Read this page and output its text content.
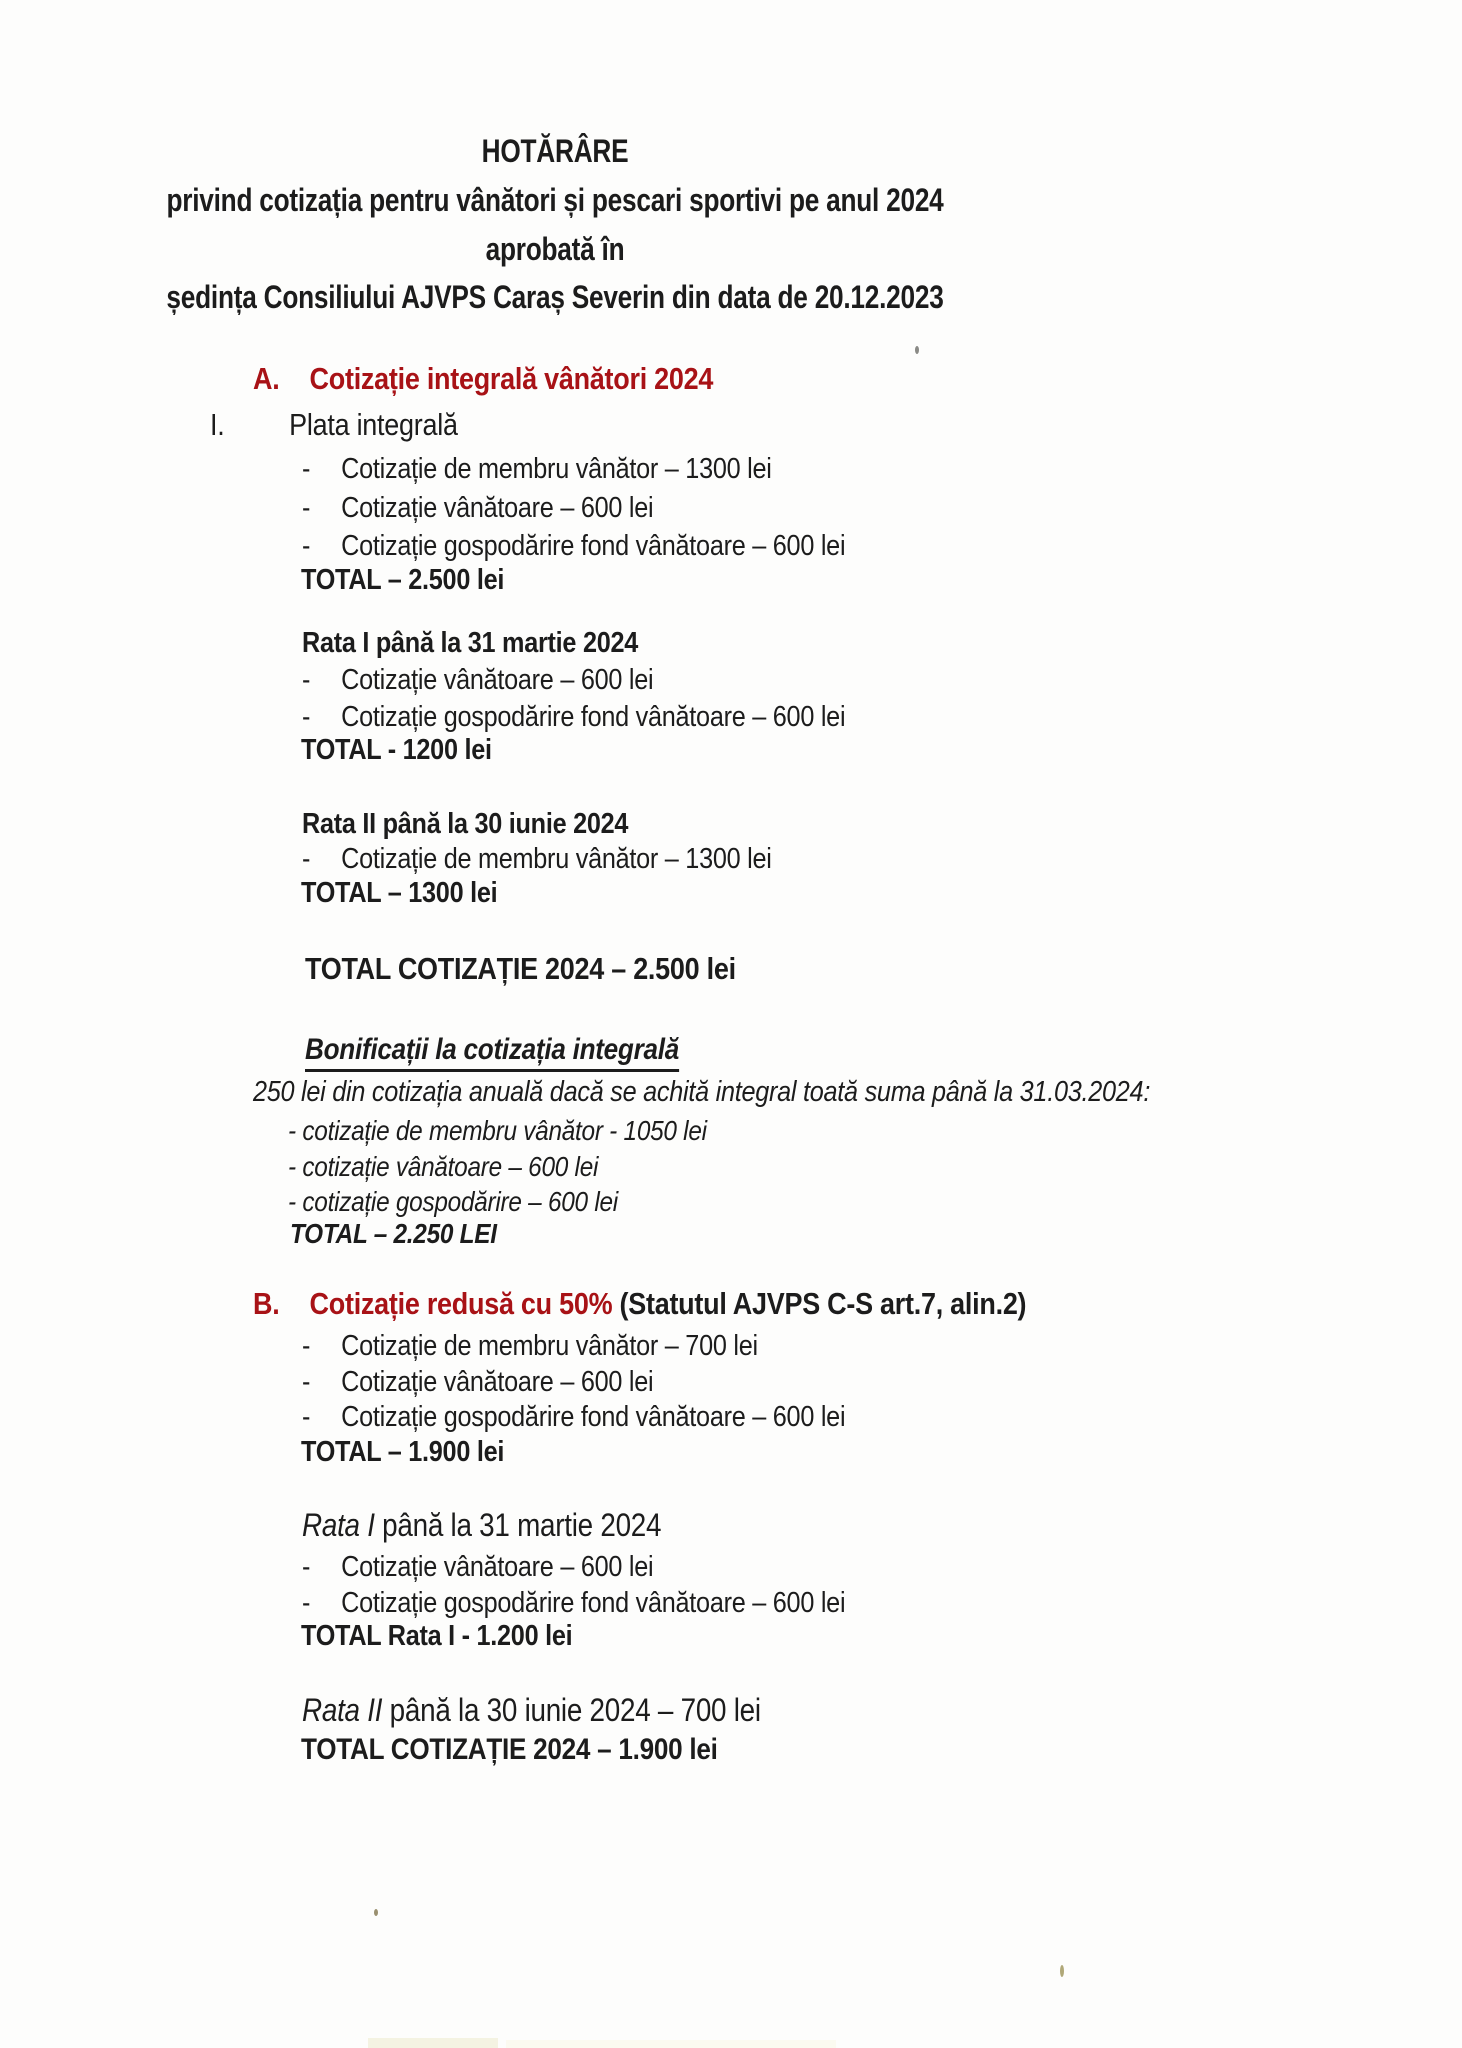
HOTĂRÂRE
privind cotizația pentru vânători și pescari sportivi pe anul 2024
aprobată în
ședința Consiliului AJVPS Caraș Severin din data de 20.12.2023
A. Cotizație integrală vânători 2024
I. Plata integrală
- Cotizație de membru vânător – 1300 lei
- Cotizație vânătoare – 600 lei
- Cotizație gospodărire fond vânătoare – 600 lei
TOTAL – 2.500 lei
Rata I până la 31 martie 2024
- Cotizație vânătoare – 600 lei
- Cotizație gospodărire fond vânătoare – 600 lei
TOTAL - 1200 lei
Rata II până la 30 iunie 2024
- Cotizație de membru vânător – 1300 lei
TOTAL – 1300 lei
TOTAL COTIZAȚIE 2024 – 2.500 lei
Bonificații la cotizația integrală
250 lei din cotizația anuală dacă se achită integral toată suma până la 31.03.2024:
- cotizație de membru vânător - 1050 lei
- cotizație vânătoare – 600 lei
- cotizație gospodărire – 600 lei
TOTAL – 2.250 LEI
B. Cotizație redusă cu 50% (Statutul AJVPS C-S art.7, alin.2)
- Cotizație de membru vânător – 700 lei
- Cotizație vânătoare – 600 lei
- Cotizație gospodărire fond vânătoare – 600 lei
TOTAL – 1.900 lei
Rata I până la 31 martie 2024
- Cotizație vânătoare – 600 lei
- Cotizație gospodărire fond vânătoare – 600 lei
TOTAL Rata I - 1.200 lei
Rata II până la 30 iunie 2024 – 700 lei
TOTAL COTIZAȚIE 2024 – 1.900 lei
